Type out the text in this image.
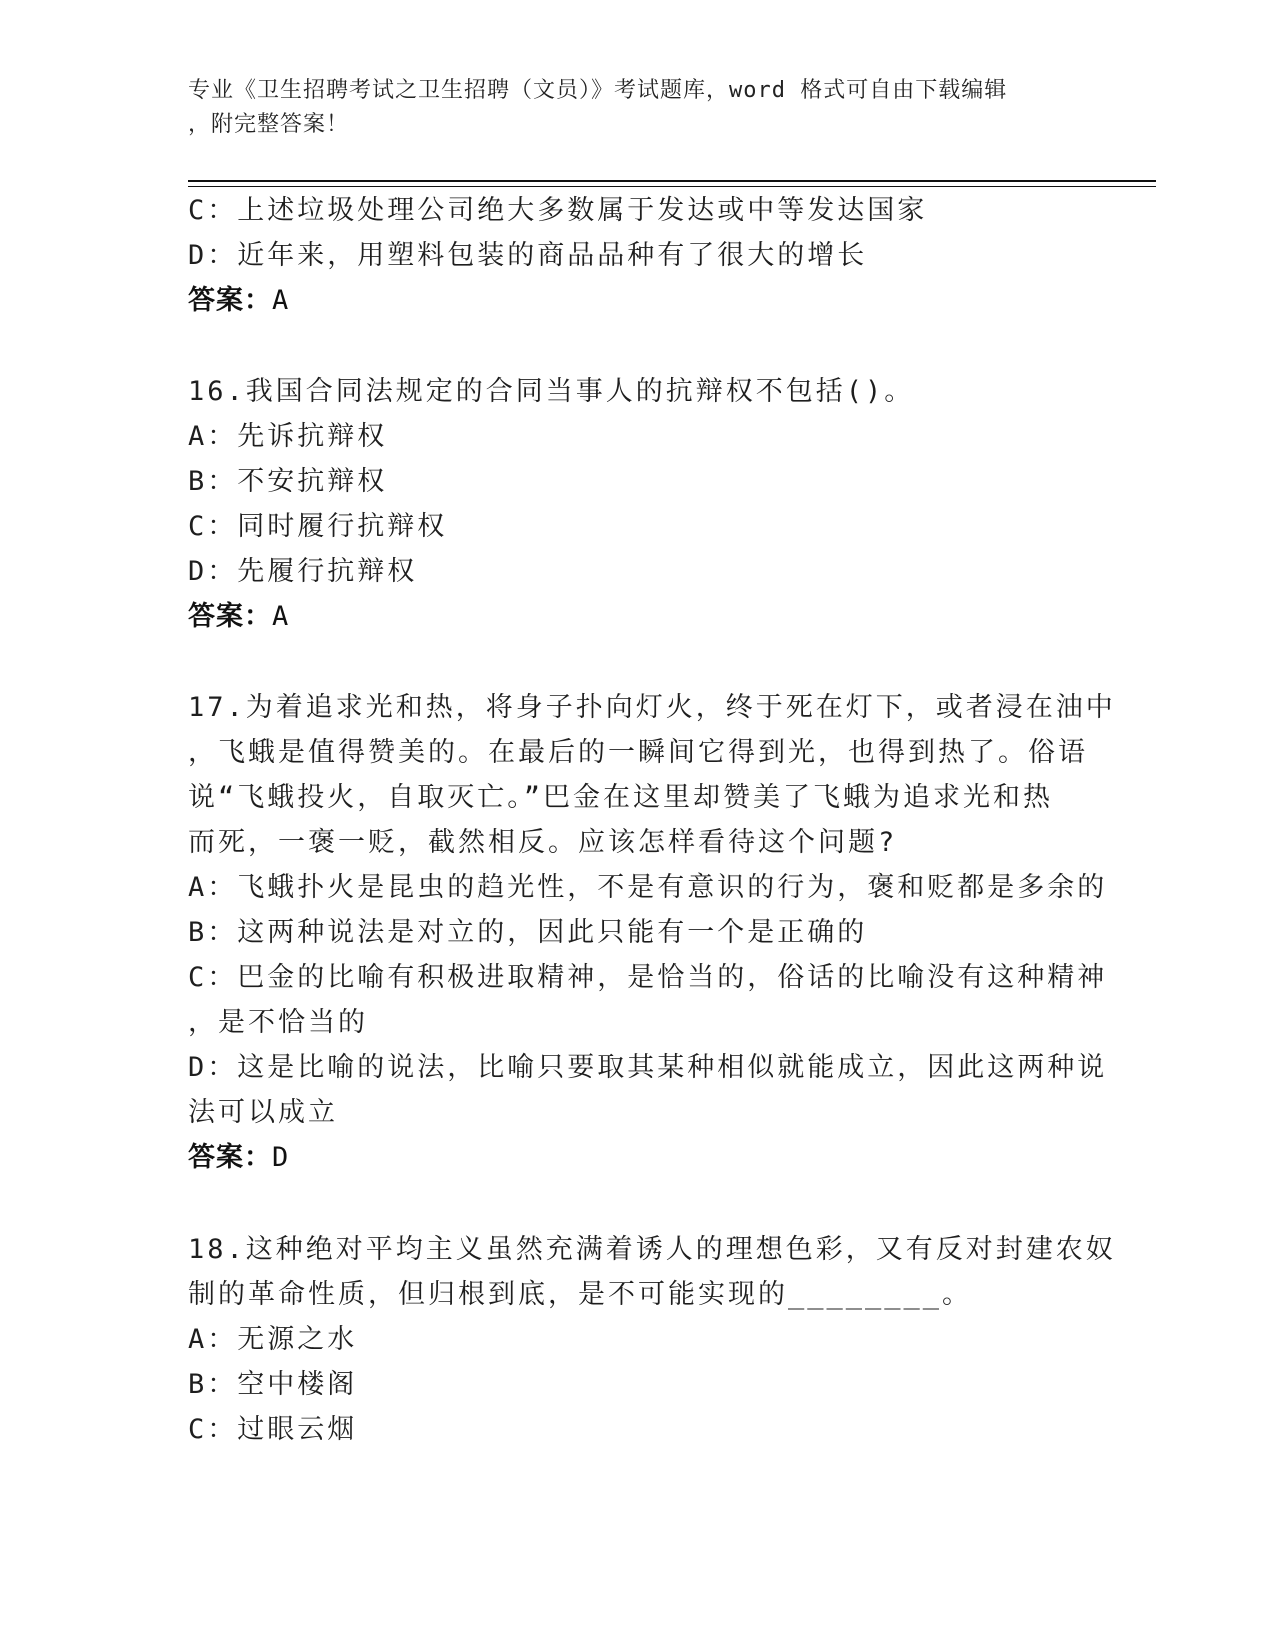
专业《卫生招聘考试之卫生招聘（文员）》考试题库，word 格式可自由下载编辑
，附完整答案！
C：上述垃圾处理公司绝大多数属于发达或中等发达国家
D：近年来，用塑料包装的商品品种有了很大的增长
答案：A
16.我国合同法规定的合同当事人的抗辩权不包括()。
A：先诉抗辩权
B：不安抗辩权
C：同时履行抗辩权
D：先履行抗辩权
答案：A
17.为着追求光和热，将身子扑向灯火，终于死在灯下，或者浸在油中
，飞蛾是值得赞美的。在最后的一瞬间它得到光，也得到热了。俗语
说“飞蛾投火，自取灭亡。”巴金在这里却赞美了飞蛾为追求光和热
而死，一褒一贬，截然相反。应该怎样看待这个问题?
A：飞蛾扑火是昆虫的趋光性，不是有意识的行为，褒和贬都是多余的
B：这两种说法是对立的，因此只能有一个是正确的
C：巴金的比喻有积极进取精神，是恰当的，俗话的比喻没有这种精神
，是不恰当的
D：这是比喻的说法，比喻只要取其某种相似就能成立，因此这两种说
法可以成立
答案：D
18.这种绝对平均主义虽然充满着诱人的理想色彩，又有反对封建农奴
制的革命性质，但归根到底，是不可能实现的________。
A：无源之水
B：空中楼阁
C：过眼云烟
